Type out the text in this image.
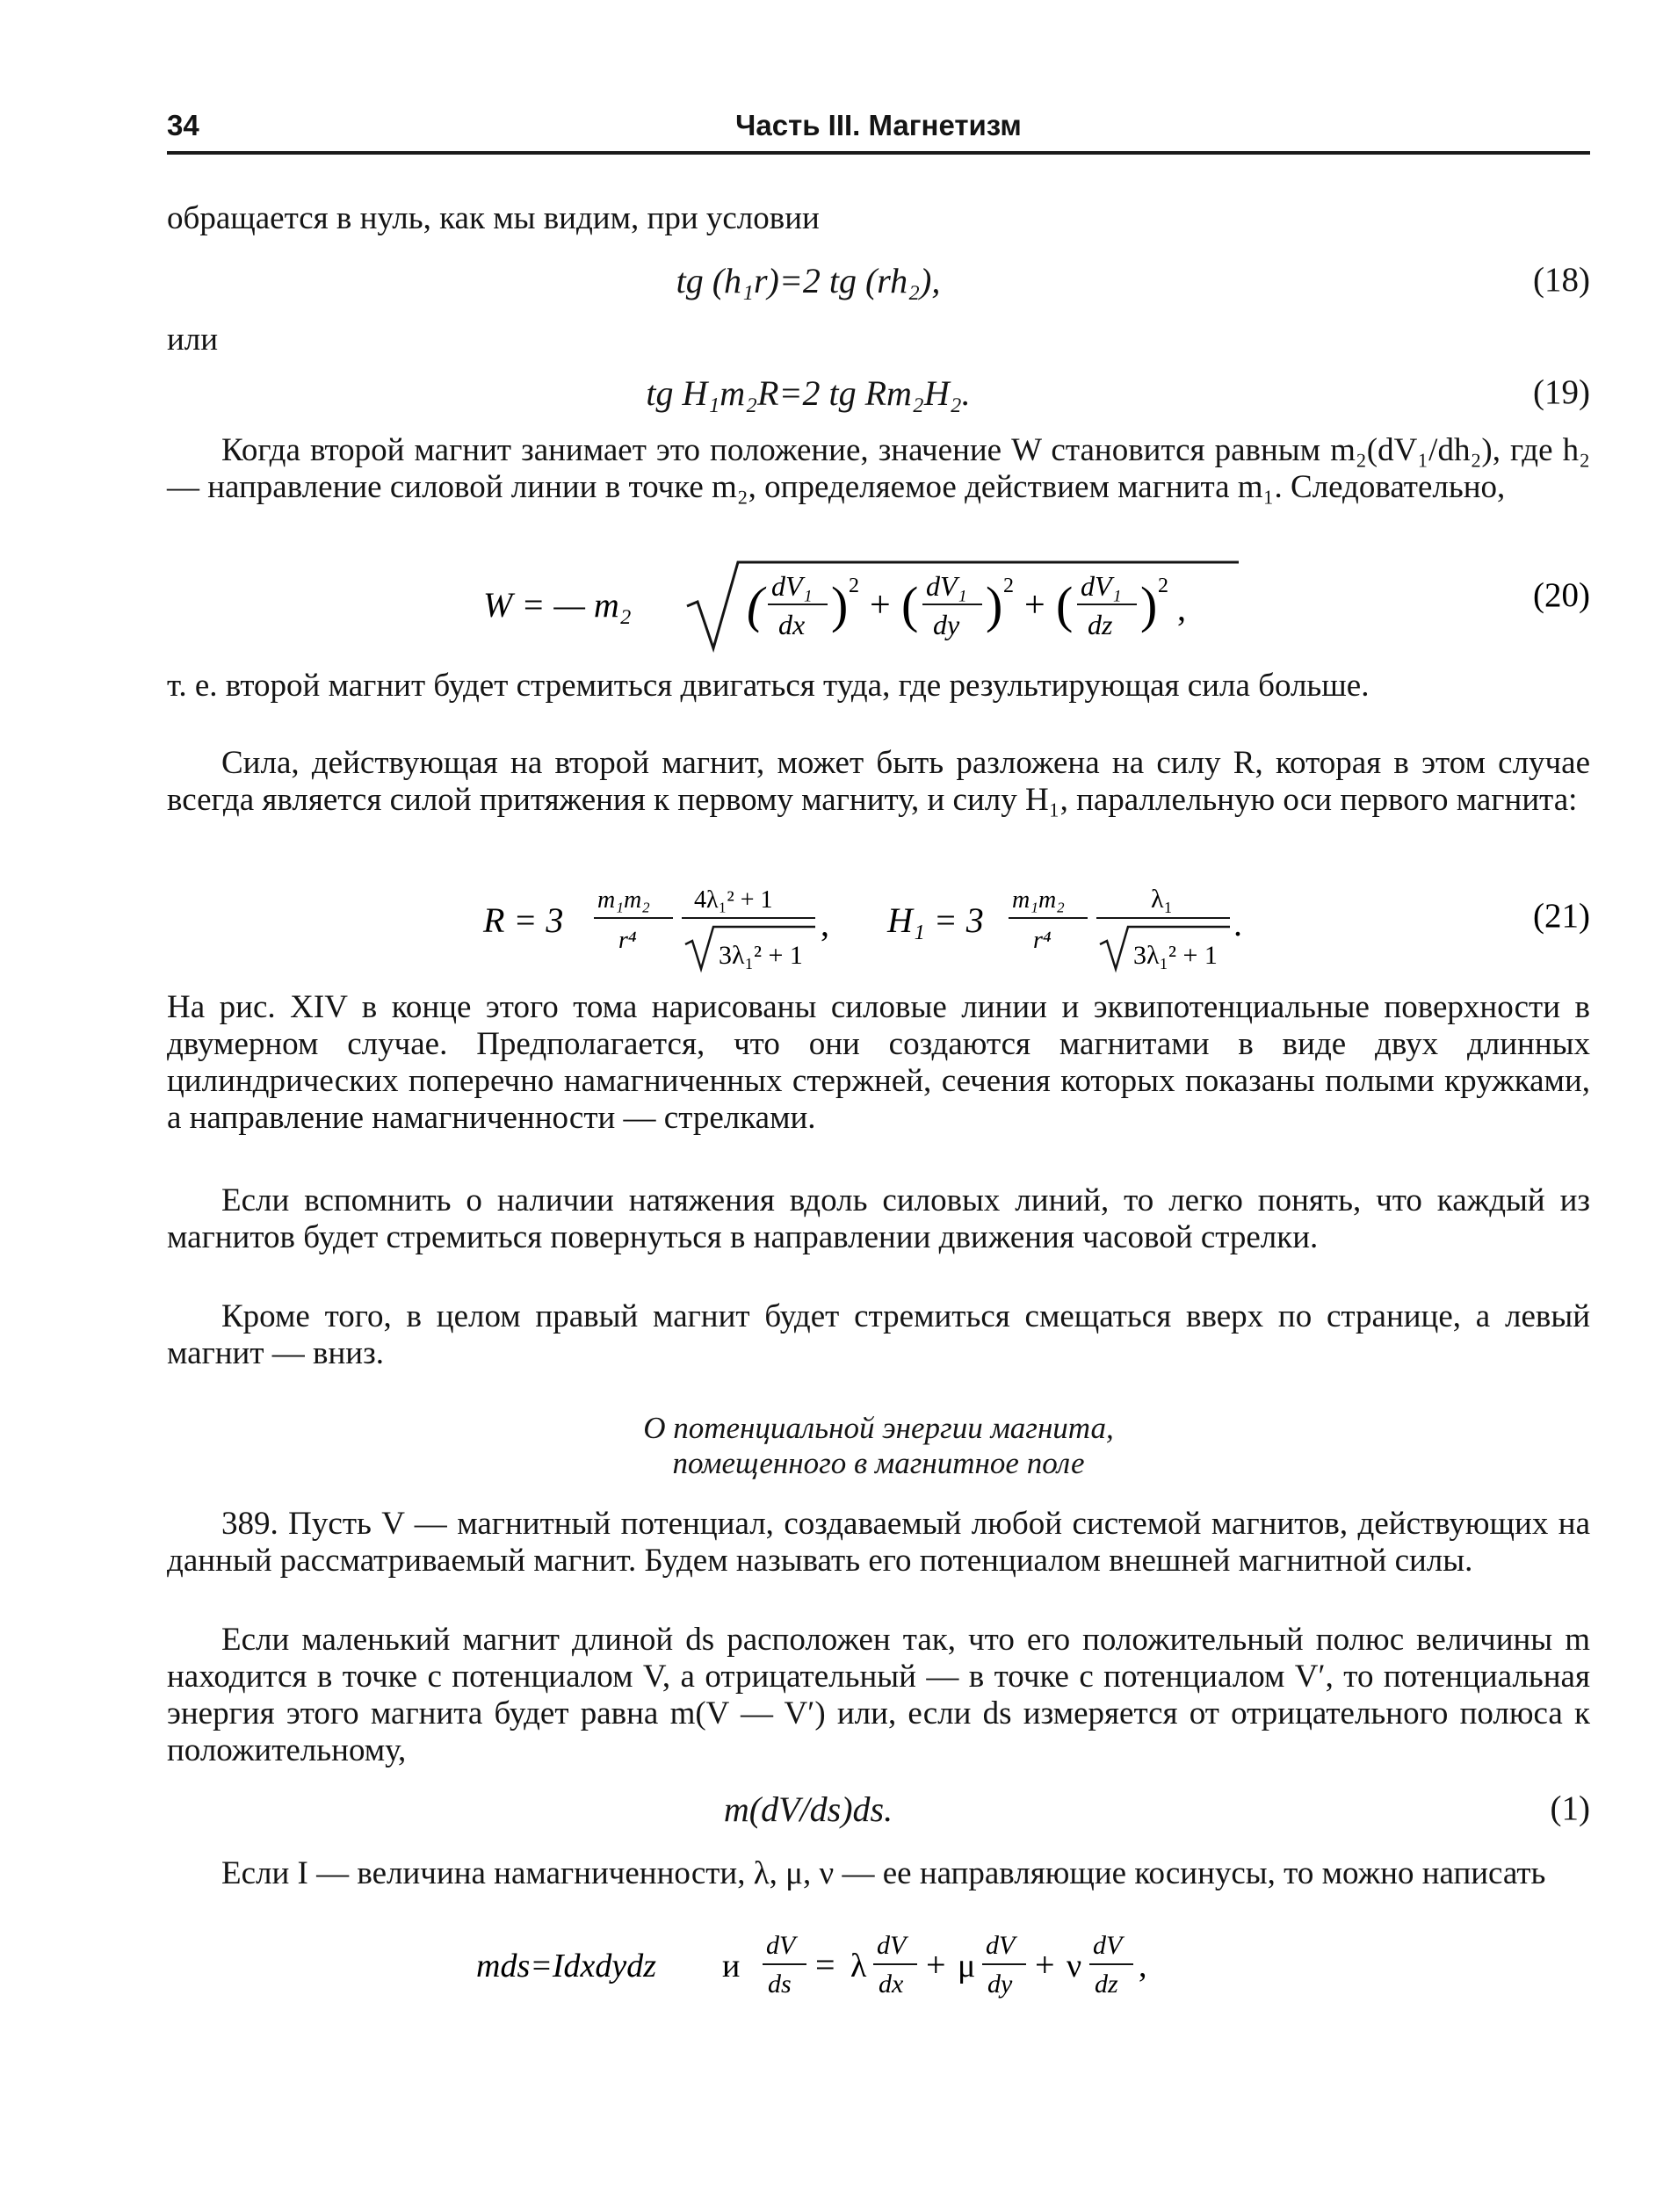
34	Часть III. Магнетизм

обращается в нуль, как мы видим, при условии

tg (h₁r)=2 tg (rh₂),	(18)

или

tg H₁m₂R=2 tg Rm₂H₂.	(19)

Когда второй магнит занимает это положение, значение W становится равным m₂(dV₁/dh₂), где h₂ — направление силовой линии в точке m₂, определяемое действием магнита m₁. Следовательно,

W = — m₂ ( dV₁
dx ) 2 + ( dV₁
dy ) 2 + ( dV₁
dz ) 2
,	(20)

т. е. второй магнит будет стремиться двигаться туда, где результирующая сила больше.

Сила, действующая на второй магнит, может быть разложена на силу R, которая в этом случае всегда является силой притяжения к первому магниту, и силу H₁, параллельную оси первого магнита:

R = 3
m₁m₂
r⁴
4λ₁² + 1
3λ₁² + 1
, H₁ = 3
m₁m₂
r⁴
λ₁
3λ₁² + 1
.	(21)

На рис. XIV в конце этого тома нарисованы силовые линии и эквипотенциальные поверхности в двумерном случае. Предполагается, что они создаются магнитами в виде двух длинных цилиндрических поперечно намагниченных стержней, сечения которых показаны полыми кружками, а направление намагниченности — стрелками.

Если вспомнить о наличии натяжения вдоль силовых линий, то легко понять, что каждый из магнитов будет стремиться повернуться в направлении движения часовой стрелки.

Кроме того, в целом правый магнит будет стремиться смещаться вверх по странице, а левый магнит — вниз.

О потенциальной энергии магнита,
помещенного в магнитное поле

389. Пусть V — магнитный потенциал, создаваемый любой системой магнитов, действующих на данный рассматриваемый магнит. Будем называть его потенциалом внешней магнитной силы.

Если маленький магнит длиной ds расположен так, что его положительный полюс величины m находится в точке с потенциалом V, а отрицательный — в точке с потенциалом V′, то потенциальная энергия этого магнита будет равна m(V — V′) или, если ds измеряется от отрицательного полюса к положительному,

m(dV/ds)ds.	(1)

Если I — величина намагниченности, λ, μ, ν — ее направляющие косинусы, то можно написать

mds=Idxdydz и
dV
ds = λ
dV
dx + μ
dV
dy + ν
dV
dz ,
